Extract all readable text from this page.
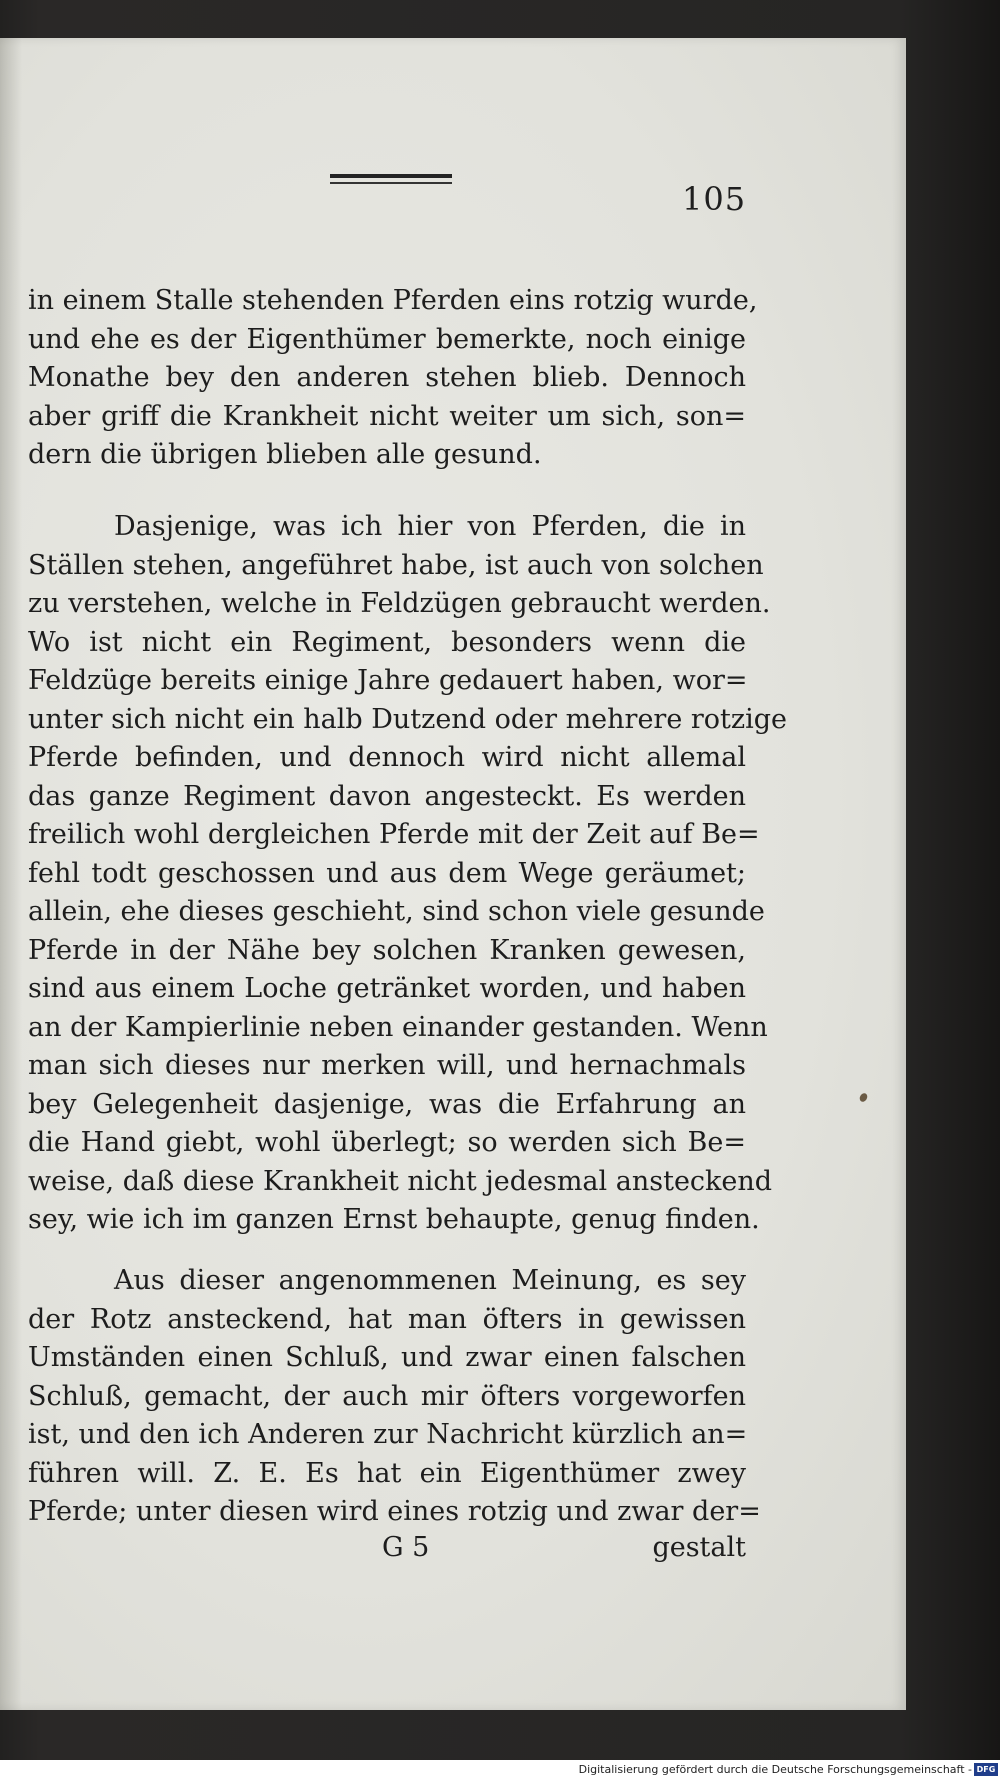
105
in einem Stalle stehenden Pferden eins rotzig wurde,
und ehe es der Eigenthümer bemerkte, noch einige
Monathe bey den anderen stehen blieb. Dennoch
aber griff die Krankheit nicht weiter um sich, son=
dern die übrigen blieben alle gesund.
Dasjenige, was ich hier von Pferden, die in
Ställen stehen, angeführet habe, ist auch von solchen
zu verstehen, welche in Feldzügen gebraucht werden.
Wo ist nicht ein Regiment, besonders wenn die
Feldzüge bereits einige Jahre gedauert haben, wor=
unter sich nicht ein halb Dutzend oder mehrere rotzige
Pferde befinden, und dennoch wird nicht allemal
das ganze Regiment davon angesteckt. Es werden
freilich wohl dergleichen Pferde mit der Zeit auf Be=
fehl todt geschossen und aus dem Wege geräumet;
allein, ehe dieses geschieht, sind schon viele gesunde
Pferde in der Nähe bey solchen Kranken gewesen,
sind aus einem Loche getränket worden, und haben
an der Kampierlinie neben einander gestanden. Wenn
man sich dieses nur merken will, und hernachmals
bey Gelegenheit dasjenige, was die Erfahrung an
die Hand giebt, wohl überlegt; so werden sich Be=
weise, daß diese Krankheit nicht jedesmal ansteckend
sey, wie ich im ganzen Ernst behaupte, genug finden.
Aus dieser angenommenen Meinung, es sey
der Rotz ansteckend, hat man öfters in gewissen
Umständen einen Schluß, und zwar einen falschen
Schluß, gemacht, der auch mir öfters vorgeworfen
ist, und den ich Anderen zur Nachricht kürzlich an=
führen will. Z. E. Es hat ein Eigenthümer zwey
Pferde; unter diesen wird eines rotzig und zwar der=
G 5	gestalt
Digitalisierung gefördert durch die Deutsche Forschungsgemeinschaft - DFG
